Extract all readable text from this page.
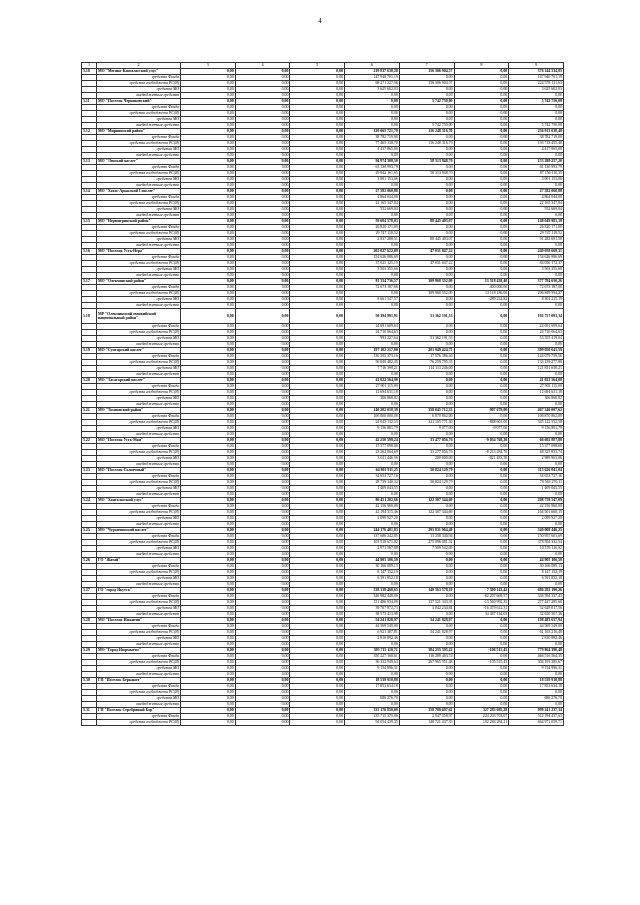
4
1	2	3	4	5	6	7	8	9
5.10	МО "Мегино-Кангаласский улус"	0,00	0,00	0,00	219 837 630,28	156 306 904,57	0,00	376 144 534,85
	средства Фонда	0,00	0,00	0,00	147 940 701,19	0,00	0,00	147 940 701,19
	средства госбюджета РС(Я)	0,00	0,00	0,00	68 271 227,06	156 306 904,57	0,00	224 578 131,63
	средства МО	0,00	0,00	0,00	3 625 602,03	0,00	0,00	3 625 602,03
	внебюджетные средства	0,00	0,00	0,00	0,00	0,00	0,00	0,00
5.11	МО "Поселок Черниковский"	0,00	0,00	0,00	0,00	5 742 750,00	0,00	5 742 750,00
	средства Фонда	0,00	0,00	0,00	0,00	0,00	0,00	0,00
	средства госбюджета РС(Я)	0,00	0,00	0,00	0,00	0,00	0,00	0,00
	средства МО	0,00	0,00	0,00	0,00	0,00	0,00	0,00
	внебюджетные средства	0,00	0,00	0,00	0,00	5 742 750,00	0,00	5 742 750,00
5.12	МО "Мирнинский район"	0,00	0,00	0,00	120 665 721,70	116 248 316,70	0,00	236 913 038,40
	средства Фонда	0,00	0,00	0,00	38 782 719,00	0,00	0,00	38 782 719,00
	средства госбюджета РС(Я)	0,00	0,00	0,00	77 465 138,70	116 248 316,70	0,00	193 713 455,40
	средства МО	0,00	0,00	0,00	4 417 865,00	0,00	0,00	4 417 865,00
	внебюджетные средства	0,00	0,00	0,00	0,00	0,00	0,00	0,00
5.13	МО "Ленский наслег"	0,00	0,00	0,00	94 974 308,50	58 313 948,70	0,00	153 288 257,20
	средства Фонда	0,00	0,00	0,00	61 130 993,79	0,00	0,00	61 130 993,79
	средства госбюджета РС(Я)	0,00	0,00	0,00	29 842 161,65	58 313 948,70	0,00	87 156 110,35
	средства МО	0,00	0,00	0,00	3 001 153,06	0,00	0,00	3 001 153,06
	внебюджетные средства	0,00	0,00	0,00	0,00	0,00	0,00	0,00
5.14	МО "Хатас-Арыкский I наслег"	0,00	0,00	0,00	27 582 060,88	0,00	0,00	27 582 060,88
	средства Фонда	0,00	0,00	0,00	4 864 044,00	0,00	0,00	4 864 044,00
	средства госбюджета РС(Я)	0,00	0,00	0,00	22 165 347,84	0,00	0,00	22 165 347,84
	средства МО	0,00	0,00	0,00	552 669,04	0,00	0,00	552 669,04
	внебюджетные средства	0,00	0,00	0,00	0,00	0,00	0,00	0,00
5.15	МО "Нерюнгринский район"	0,00	0,00	0,00	59 604 578,03	88 445 403,07	0,00	148 049 981,10
	средства Фонда	0,00	0,00	0,00	26 820 171,00	0,00	0,00	26 820 171,00
	средства госбюджета РС(Я)	0,00	0,00	0,00	29 747 118,52	0,00	0,00	29 747 118,52
	средства МО	0,00	0,00	0,00	2 837 288,51	88 445 403,07	0,00	91 282 691,58
	внебюджетные средства	0,00	0,00	0,00	0,00	0,00	0,00	0,00
5.16	МО "Поселок Усть-Нера"	0,00	0,00	0,00	202 027 622,09	47 031 047,22	0,00	249 058 669,31
	средства Фонда	0,00	0,00	0,00	154 626 986,69	0,00	0,00	154 626 986,69
	средства госбюджета РС(Я)	0,00	0,00	0,00	37 025 125,15	47 031 047,22	0,00	84 056 172,37
	средства МО	0,00	0,00	0,00	3 503 355,60	0,00	0,00	3 503 355,60
	внебюджетные средства	0,00	0,00	0,00	0,00	0,00	0,00	0,00
5.17	МО "Олекминский район"	0,00	0,00	0,00	81 334 736,57	309 968 352,09	13 518 438,40	377 784 650,26
	средства Фонда	0,00	0,00	0,00	72 673 187,00	0,00	400 000,00	72 673 187,00
	средства госбюджета РС(Я)	0,00	0,00	0,00	0,00	309 968 352,09	13 118 186,00	296 849 594,27
	средства МО	0,00	0,00	0,00	8 661 547,57	0,00	-289 232,82	8 302 215,19
	внебюджетные средства	0,00	0,00	0,00	0,00	0,00	0,00	0,00
5.18	МР "Олекминский эвенкийский национальный район"	0,00	0,00	0,00	50 394 901,91	51 362 191,53	0,00	102 757 093,34
	средства Фонда	0,00	0,00	0,00	24 691 609,64	0,00	0,00	24 691 609,64
	средства госбюджета РС(Я)	0,00	0,00	0,00	24 710 064,63	0,00	0,00	24 710 064,63
	средства МО	0,00	0,00	0,00	993 227,64	51 362 191,53	0,00	53 355 419,04
	внебюджетные средства	0,00	0,00	0,00	0,00	0,00	0,00	0,00
5.19	МО "Сунтарский наслег"	0,00	0,00	0,00	197 102 217,00	201 949 424,75	0,00	399 050 641,59
	средства Фонда	0,00	0,00	0,00	130 503 373,16	17 576 386,40	0,00	144 079 759,56
	средства госбюджета РС(Я)	0,00	0,00	0,00	56 840 482,45	76 259 795,35	0,00	133 139 277,80
	средства МО	0,00	0,00	0,00	7 716 398,21	114 113 246,00	0,00	121 831 658,21
	внебюджетные средства	0,00	0,00	0,00	0,00	0,00	0,00	0,00
5.20	МО "Тасагарский наслег"	0,00	0,00	0,00	41 022 564,00	0,00	0,00	41 022 564,00
	средства Фонда	0,00	0,00	0,00	27 901 115,00	0,00	0,00	27 901 115,00
	средства госбюджета РС(Я)	0,00	0,00	0,00	12 694 631,18	0,00	0,00	12 694 631,18
	средства МО	0,00	0,00	0,00	306 868,82	0,00	0,00	306 868,82
	внебюджетные средства	0,00	0,00	0,00	0,00	0,00	0,00	0,00
5.21	МО "Томпонский район"	0,00	0,00	0,00	140 202 018,39	358 045 712,33	-907 679,00	467 340 007,62
	средства Фонда	0,00	0,00	0,00	100 000 000,00	6 870 862,00	0,00	106 870 862,00
	средства госбюджета РС(Я)	0,00	0,00	0,00	24 045 132,53	321 165 771,30	-888 601,00	345 122 552,58
	средства МО	0,00	0,00	0,00	9 156 881,79	9 077,00	-9 077,00	9 156 881,79
	внебюджетные средства	0,00	0,00	0,00	0,00	0,00	0,00	0,00
5.22	МО "Поселок Усть-Мая"	0,00	0,00	0,00	42 250 599,24	33 477 056,76	-9 034 768,20	66 692 887,80
	средства Фонда	0,00	0,00	0,00	15 377 098,00	0,00	0,00	15 377 098,00
	средства госбюджета РС(Я)	0,00	0,00	0,00	23 262 064,69	33 277 056,76	-8 213 284,70	48 325 833,74
	средства МО	0,00	0,00	0,00	3 611 446,56	200 000,00	-821 483,50	2 989 963,06
	внебюджетные средства	0,00	0,00	0,00	0,00	0,00	0,00	0,00
5.23	МО "Поселок Солнечный"	0,00	0,00	0,00	64 801 911,25	50 824 129,79	0,00	115 626 041,04
	средства Фонда	0,00	0,00	0,00	34 653 727,16	0,00	0,00	34 653 727,16
	средства госбюджета РС(Я)	0,00	0,00	0,00	28 739 140,32	50 824 129,79	0,00	79 563 270,11
	средства МО	0,00	0,00	0,00	1 409 043,55	0,00	0,00	1 409 043,55
	внебюджетные средства	0,00	0,00	0,00	0,00	0,00	0,00	0,00
5.24	МО "Хангаласский улус"	0,00	0,00	0,00	86 451 202,66	122 307 344,69	0,00	208 758 547,09
	средства Фонда	0,00	0,00	0,00	42 156 960,00	0,00	0,00	42 156 960,00
	средства госбюджета РС(Я)	0,00	0,00	0,00	42 194 315,46	122 307 344,69	0,00	164 501 660,15
	средства МО	0,00	0,00	0,00	2 099 927,20	0,00	0,00	2 099 927,20
	внебюджетные средства	0,00	0,00	0,00	0,00	0,00	0,00	0,00
5.25	МО "Чурапчинский наслег"	0,00	0,00	0,00	244 176 481,83	295 831 964,49	0,00	540 008 446,25
	средства Фонда	0,00	0,00	0,00	137 686 242,85	13 258 340,94	0,00	150 957 603,69
	средства госбюджета РС(Я)	0,00	0,00	0,00	103 518 671,02	275 096 081,52	0,00	378 584 332,54
	средства МО	0,00	0,00	0,00	2 971 567,88	7 509 542,49	0,00	10 576 110,02
	внебюджетные средства	0,00	0,00	0,00	0,00	0,00	0,00	0,00
5.26	ГО "Жатай"	0,00	0,00	0,00	44 905 106,50	0,00	0,00	44 905 106,50
	средства Фонда	0,00	0,00	0,00	30 166 089,13	0,00	0,00	30 166 089,13
	средства госбюджета РС(Я)	0,00	0,00	0,00	8 147 152,19	0,00	0,00	8 147 152,19
	средства МО	0,00	0,00	0,00	6 591 852,18	0,00	0,00	6 591 852,18
	внебюджетные средства	0,00	0,00	0,00	0,00	0,00	0,00	0,00
5.27	ГО "город Якутск"	0,00	0,00	0,00	538 338 468,65	140 563 578,19	7 390 143,42	686 292 190,26
	средства Фонда	0,00	0,00	0,00	346 982 448,00	0,00	-82 207 669,57	336 594 337,43
	средства госбюджета РС(Я)	0,00	0,00	0,00	151 486 934,00	137 521 343,35	-13 560 992,35	277 447 285,60
	средства МО	0,00	0,00	0,00	39 707 972,73	3 042 234,84	-16 479 612,31	32 628 017,56
	внебюджетные средства	0,00	0,00	0,00	38 573 413,98	0,00	34 487 134,03	32 650 307,36
5.28	МО "Поселок Нижнеян"	0,00	0,00	0,00	54 241 828,97	54 241 828,97	0,00	108 483 657,94
	средства Фонда	0,00	0,00	0,00	44 569 549,00	0,00	0,00	44 569 549,00
	средства госбюджета РС(Я)	0,00	0,00	0,00	6 921 387,81	54 241 828,97	0,00	61 163 216,48
	средства МО	0,00	0,00	0,00	2 810 892,46	0,00	0,00	2 810 892,46
	внебюджетные средства	0,00	0,00	0,00	0,00	0,00	0,00	0,00
5.29	МО "Город Нюрмыгэм"	0,00	0,00	0,00	395 715 110,71	384 255 395,22	-106 515,45	779 864 390,48
	средства Фонда	0,00	0,00	0,00	350 227 160,61	116 289 403,74	0,00	466 516 564,35
	средства госбюджета РС(Я)	0,00	0,00	0,00	36 332 949,64	267 965 951,48	-105 515,45	304 193 385,67
	средства МО	0,00	0,00	0,00	9 154 996,31	0,00	0,00	9 154 996,31
	внебюджетные средства	0,00	0,00	0,00	0,00	0,00	0,00	0,00
5.30	ГП "Поселок Беркакит"	0,00	0,00	0,00	18 539 910,88	0,00	0,00	18 539 910,88
	средства Фонда	0,00	0,00	0,00	17 853 634,18	0,00	0,00	17 853 634,18
	средства госбюджета РС(Я)	0,00	0,00	0,00	0,00	0,00	0,00	0,00
	средства МО	0,00	0,00	0,00	686 276,70	0,00	0,00	686 276,70
	внебюджетные средства	0,00	0,00	0,00	0,00	0,00	0,00	0,00
5.31	ГП "Поселок Серебряный Бор"	0,00	0,00	0,00	333 176 850,00	358 780 697,62	327 283 685,28	999 241 237,34
	средства Фонда	0,00	0,00	0,00	235 715 375,00	2 947 358,97	224 203 703,07	512 194 437,63
	средства госбюджета РС(Я)	0,00	0,00	0,00	94 054 439,35	148 721 437,35	102 284 284,21	464 971 059,71
